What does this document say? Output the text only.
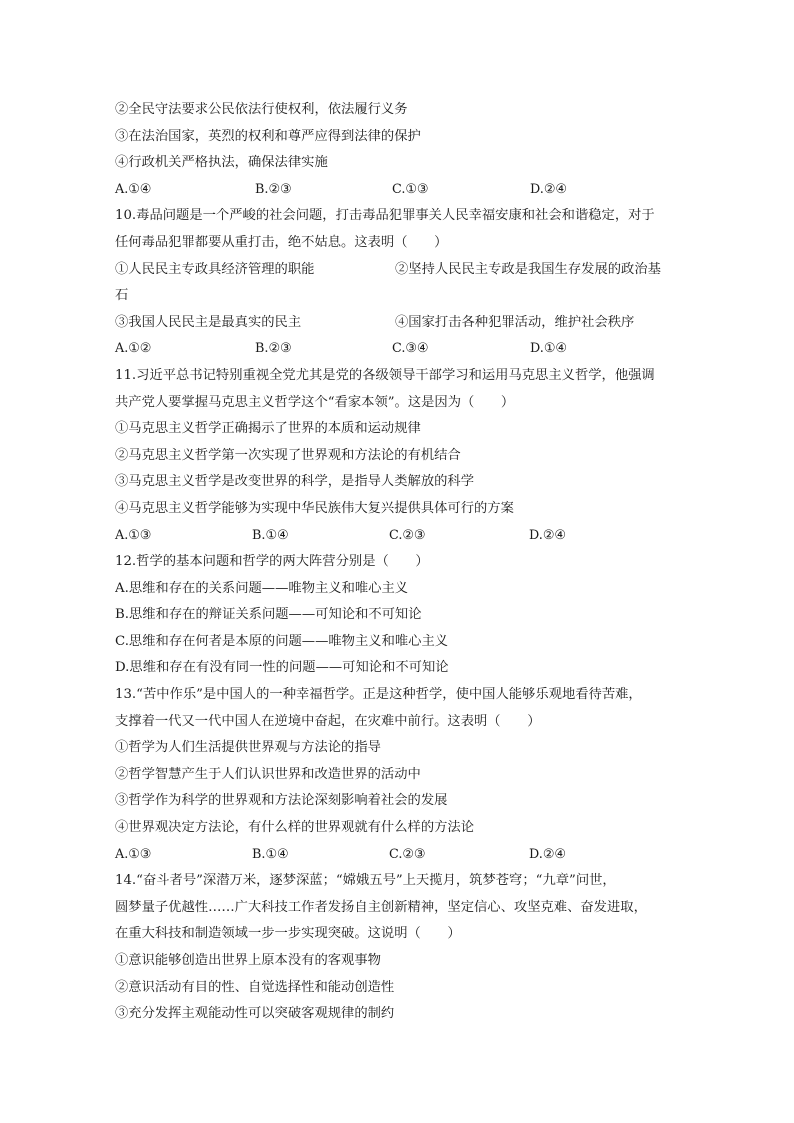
②全民守法要求公民依法行使权利，依法履行义务
③在法治国家，英烈的权利和尊严应得到法律的保护
④行政机关严格执法，确保法律实施
A.①④	B.②③	C.①③	D.②④
10.毒品问题是一个严峻的社会问题，打击毒品犯罪事关人民幸福安康和社会和谐稳定，对于
任何毒品犯罪都要从重打击，绝不姑息。这表明（　　）
①人民民主专政具经济管理的职能	②坚持人民民主专政是我国生存发展的政治基
石
③我国人民民主是最真实的民主	④国家打击各种犯罪活动，维护社会秩序
A.①②	B.②③	C.③④	D.①④
11.习近平总书记特别重视全党尤其是党的各级领导干部学习和运用马克思主义哲学，他强调
共产党人要掌握马克思主义哲学这个“看家本领”。这是因为（　　）
①马克思主义哲学正确揭示了世界的本质和运动规律
②马克思主义哲学第一次实现了世界观和方法论的有机结合
③马克思主义哲学是改变世界的科学，是指导人类解放的科学
④马克思主义哲学能够为实现中华民族伟大复兴提供具体可行的方案
A.①③	B.①④	C.②③	D.②④
12.哲学的基本问题和哲学的两大阵营分别是（　　）
A.思维和存在的关系问题——唯物主义和唯心主义
B.思维和存在的辩证关系问题——可知论和不可知论
C.思维和存在何者是本原的问题——唯物主义和唯心主义
D.思维和存在有没有同一性的问题——可知论和不可知论
13.“苦中作乐”是中国人的一种幸福哲学。正是这种哲学，使中国人能够乐观地看待苦难，
支撑着一代又一代中国人在逆境中奋起，在灾难中前行。这表明（　　）
①哲学为人们生活提供世界观与方法论的指导
②哲学智慧产生于人们认识世界和改造世界的活动中
③哲学作为科学的世界观和方法论深刻影响着社会的发展
④世界观决定方法论，有什么样的世界观就有什么样的方法论
A.①③	B.①④	C.②③	D.②④
14.“奋斗者号”深潜万米，逐梦深蓝；“嫦娥五号”上天揽月，筑梦苍穹；“九章”问世，
圆梦量子优越性……广大科技工作者发扬自主创新精神，坚定信心、攻坚克难、奋发进取，
在重大科技和制造领域一步一步实现突破。这说明（　　）
①意识能够创造出世界上原本没有的客观事物
②意识活动有目的性、自觉选择性和能动创造性
③充分发挥主观能动性可以突破客观规律的制约
